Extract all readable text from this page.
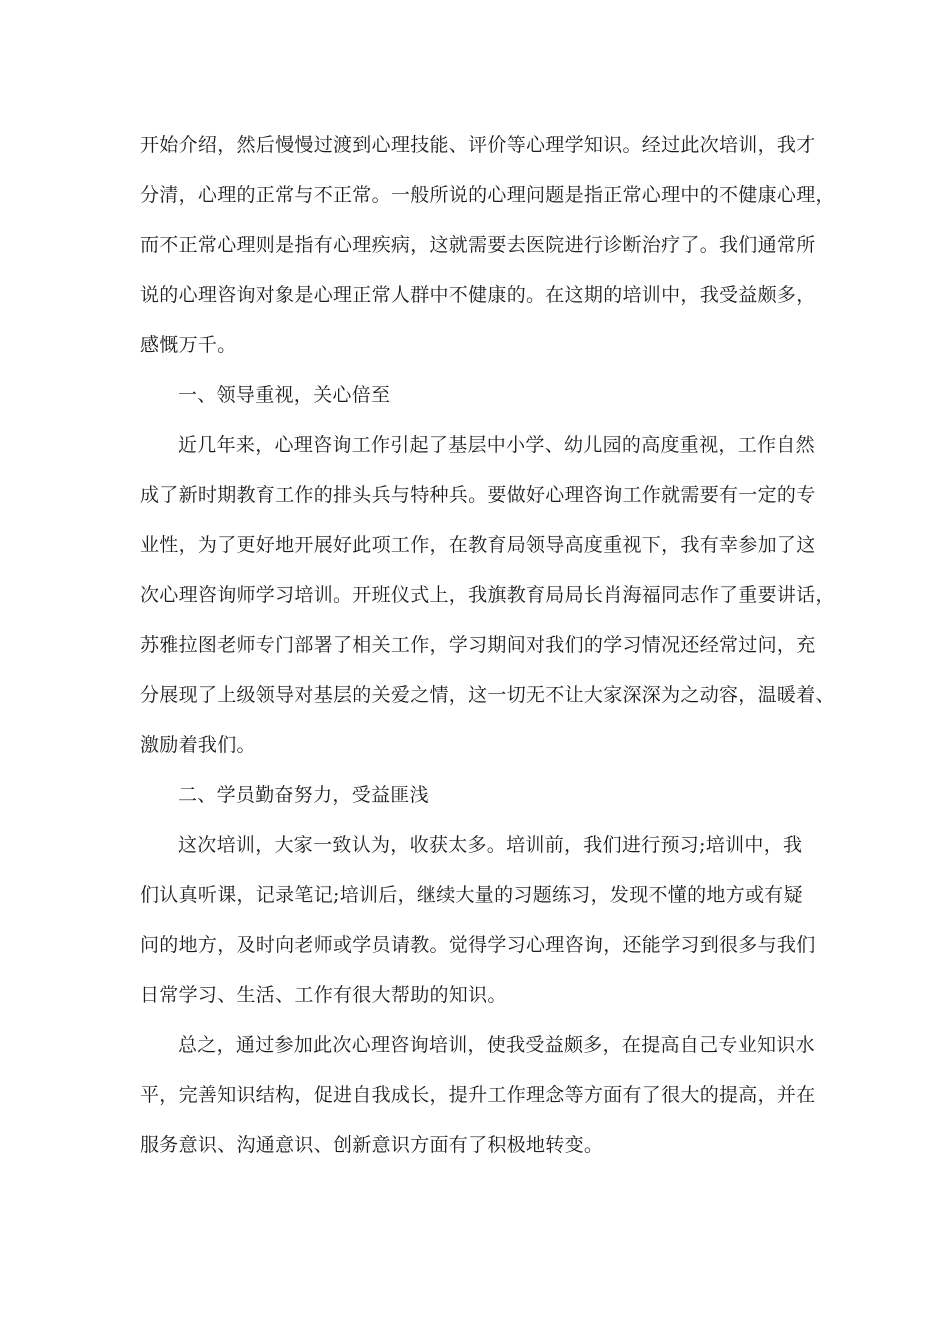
开始介绍，然后慢慢过渡到心理技能、评价等心理学知识。经过此次培训，我才

分清，心理的正常与不正常。一般所说的心理问题是指正常心理中的不健康心理，

而不正常心理则是指有心理疾病，这就需要去医院进行诊断治疗了。我们通常所

说的心理咨询对象是心理正常人群中不健康的。在这期的培训中，我受益颇多，

感慨万千。

一、领导重视，关心倍至

近几年来，心理咨询工作引起了基层中小学、幼儿园的高度重视，工作自然

成了新时期教育工作的排头兵与特种兵。要做好心理咨询工作就需要有一定的专

业性，为了更好地开展好此项工作，在教育局领导高度重视下，我有幸参加了这

次心理咨询师学习培训。开班仪式上，我旗教育局局长肖海福同志作了重要讲话，

苏雅拉图老师专门部署了相关工作，学习期间对我们的学习情况还经常过问，充

分展现了上级领导对基层的关爱之情，这一切无不让大家深深为之动容，温暖着、

激励着我们。

二、学员勤奋努力，受益匪浅

这次培训，大家一致认为，收获太多。培训前，我们进行预习;培训中，我

们认真听课，记录笔记;培训后，继续大量的习题练习，发现不懂的地方或有疑

问的地方，及时向老师或学员请教。觉得学习心理咨询，还能学习到很多与我们

日常学习、生活、工作有很大帮助的知识。

总之，通过参加此次心理咨询培训，使我受益颇多，在提高自己专业知识水

平，完善知识结构，促进自我成长，提升工作理念等方面有了很大的提高，并在

服务意识、沟通意识、创新意识方面有了积极地转变。
